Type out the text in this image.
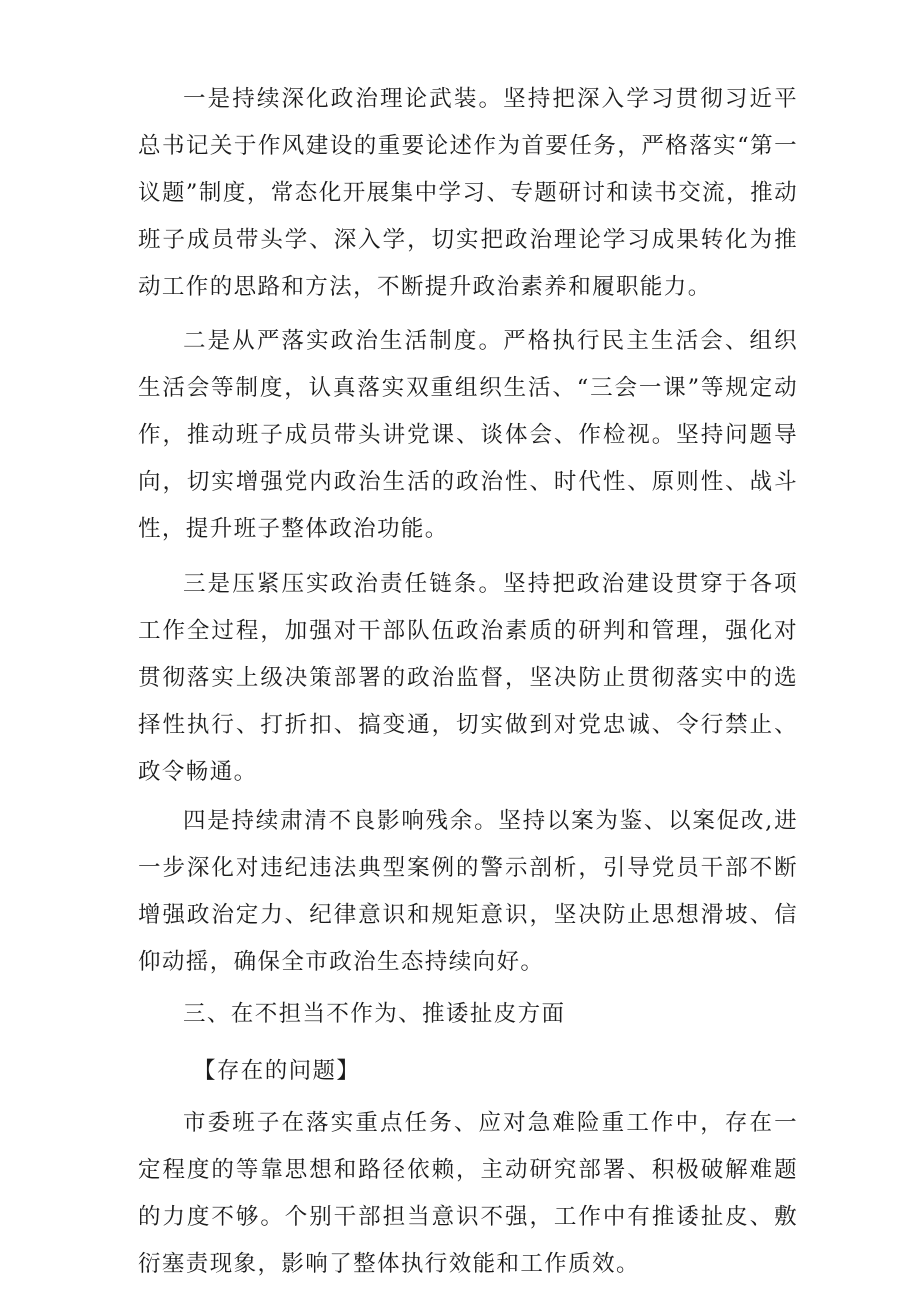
一是持续深化政治理论武装。坚持把深入学习贯彻习近平总书记关于作风建设的重要论述作为首要任务，严格落实“第一议题”制度，常态化开展集中学习、专题研讨和读书交流，推动班子成员带头学、深入学，切实把政治理论学习成果转化为推动工作的思路和方法，不断提升政治素养和履职能力。

二是从严落实政治生活制度。严格执行民主生活会、组织生活会等制度，认真落实双重组织生活、“三会一课”等规定动作，推动班子成员带头讲党课、谈体会、作检视。坚持问题导向，切实增强党内政治生活的政治性、时代性、原则性、战斗性，提升班子整体政治功能。

三是压紧压实政治责任链条。坚持把政治建设贯穿于各项工作全过程，加强对干部队伍政治素质的研判和管理，强化对贯彻落实上级决策部署的政治监督，坚决防止贯彻落实中的选择性执行、打折扣、搞变通，切实做到对党忠诚、令行禁止、政令畅通。

四是持续肃清不良影响残余。坚持以案为鉴、以案促改,进一步深化对违纪违法典型案例的警示剖析，引导党员干部不断增强政治定力、纪律意识和规矩意识，坚决防止思想滑坡、信仰动摇，确保全市政治生态持续向好。

三、在不担当不作为、推诿扯皮方面

【存在的问题】

市委班子在落实重点任务、应对急难险重工作中，存在一定程度的等靠思想和路径依赖，主动研究部署、积极破解难题的力度不够。个别干部担当意识不强，工作中有推诿扯皮、敷衍塞责现象，影响了整体执行效能和工作质效。
